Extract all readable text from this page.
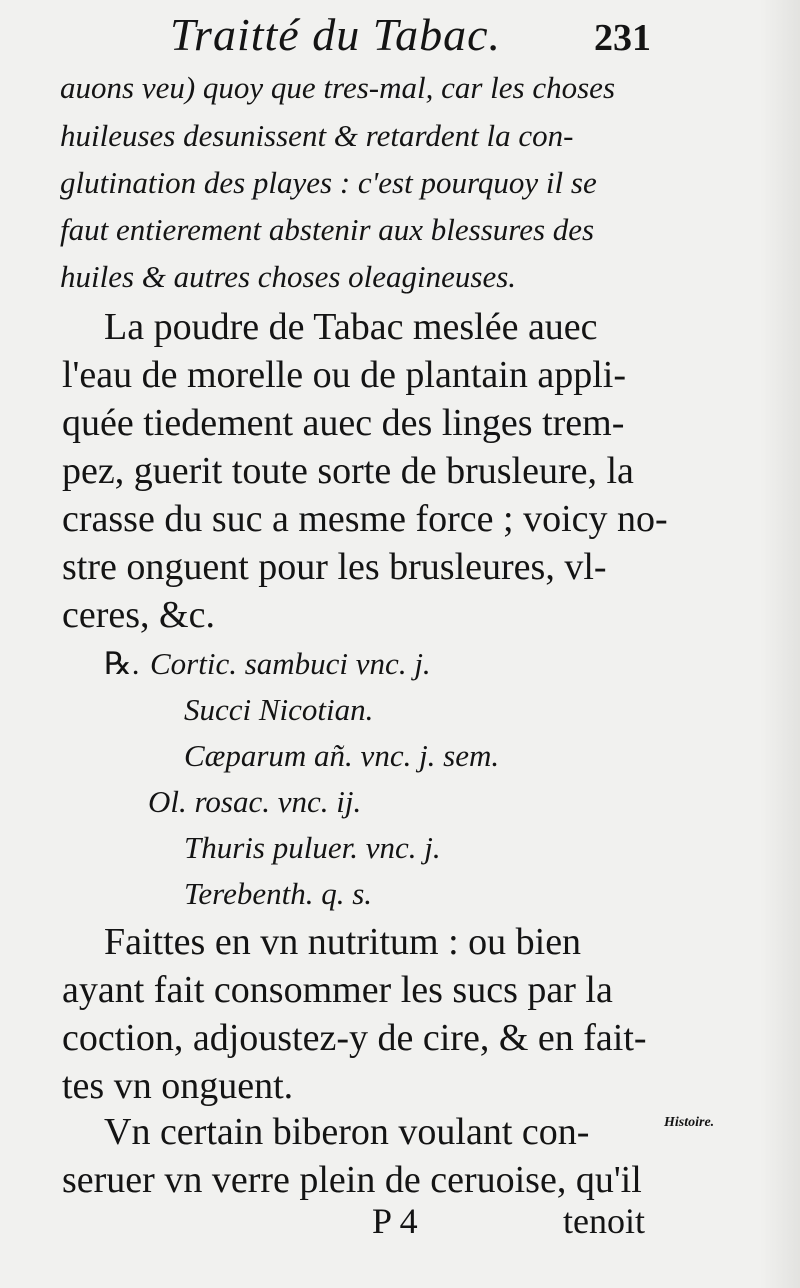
Traitté du Tabac. 231
auons veu) quoy que tres-mal, car les choses
huileuses desunissent & retardent la con-
glutination des playes : c'est pourquoy il se
faut entierement abstenir aux blessures des
huiles & autres choses oleagineuses.
La poudre de Tabac meslée auec
l'eau de morelle ou de plantain appli-
quée tiedement auec des linges trem-
pez, guerit toute sorte de brusleure, la
crasse du suc a mesme force ; voicy no-
stre onguent pour les brusleures, vl-
ceres, &c.
℞. Cortic. sambuci vnc. j.
Succi Nicotian.
Cæparum añ. vnc. j. sem.
Ol. rosac. vnc. ij.
Thuris puluer. vnc. j.
Terebenth. q. s.
Faittes en vn nutritum : ou bien
ayant fait consommer les sucs par la
coction, adjoustez-y de cire, & en fait-
tes vn onguent.
Vn certain biberon voulant con-
seruer vn verre plein de ceruoise, qu'il
Histoire.
P 4	tenoit
